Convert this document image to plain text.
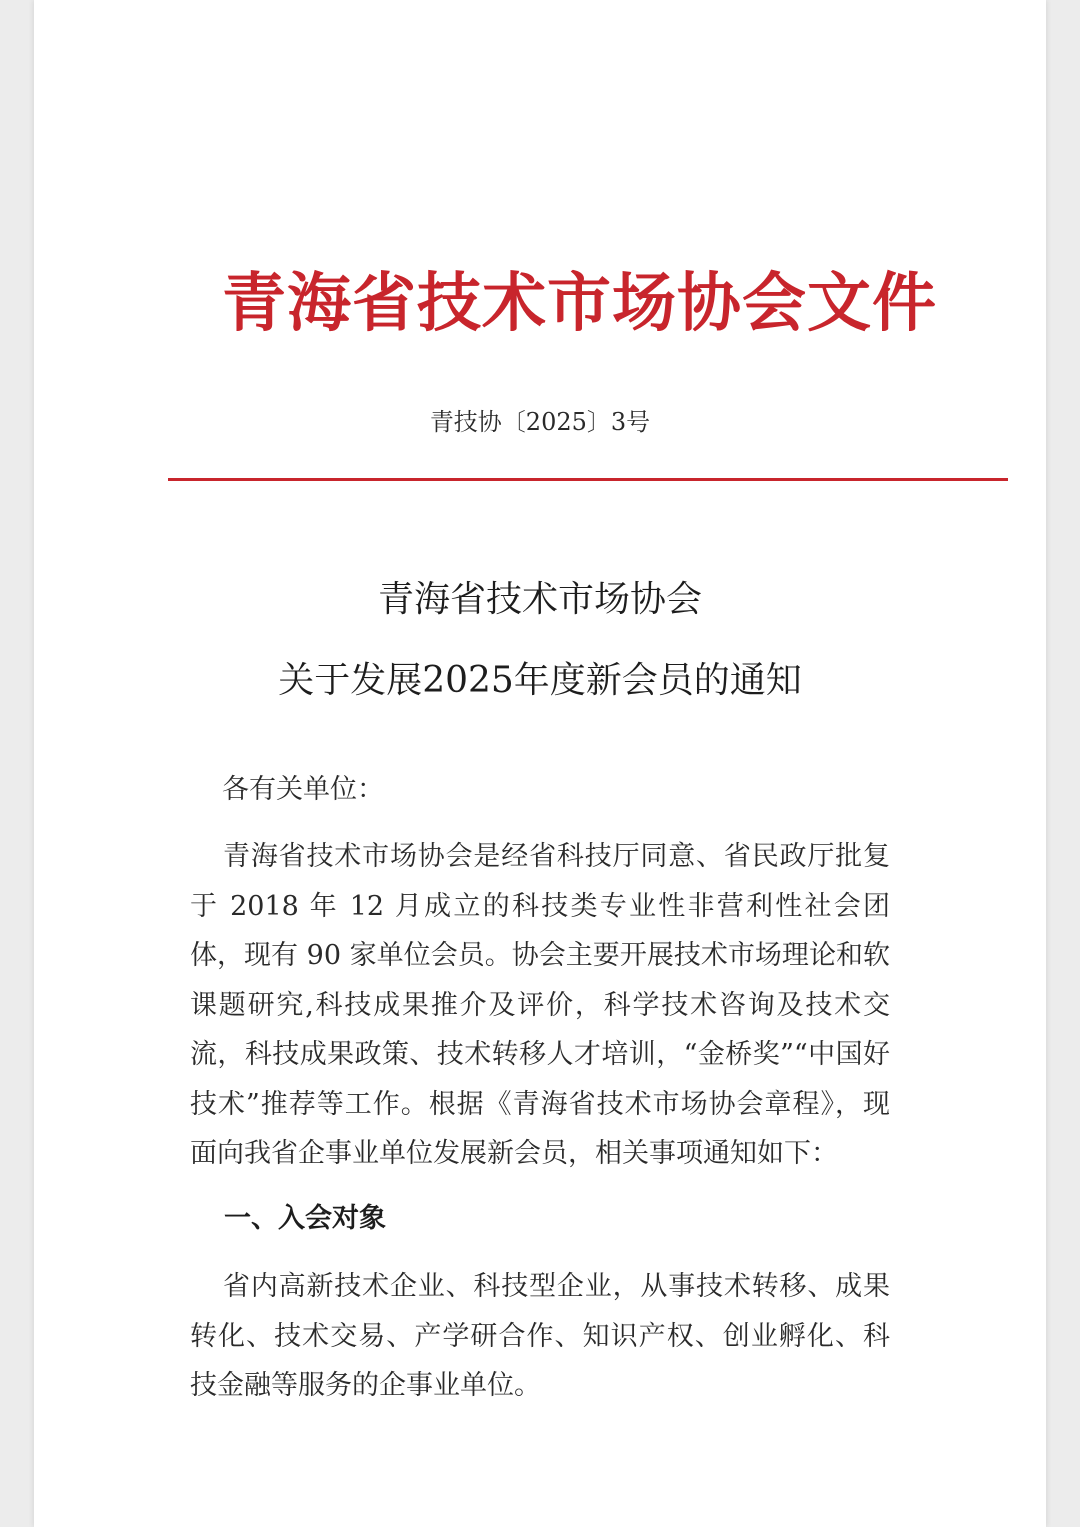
青海省技术市场协会文件
青技协〔2025〕3号
青海省技术市场协会
关于发展2025年度新会员的通知
各有关单位：
青海省技术市场协会是经省科技厅同意、省民政厅批复于 2018 年 12 月成立的科技类专业性非营利性社会团体，现有 90 家单位会员。协会主要开展技术市场理论和软课题研究,科技成果推介及评价，科学技术咨询及技术交流，科技成果政策、技术转移人才培训，“金桥奖”“中国好技术”推荐等工作。根据《青海省技术市场协会章程》，现面向我省企事业单位发展新会员，相关事项通知如下：
一、入会对象
省内高新技术企业、科技型企业，从事技术转移、成果转化、技术交易、产学研合作、知识产权、创业孵化、科技金融等服务的企事业单位。
